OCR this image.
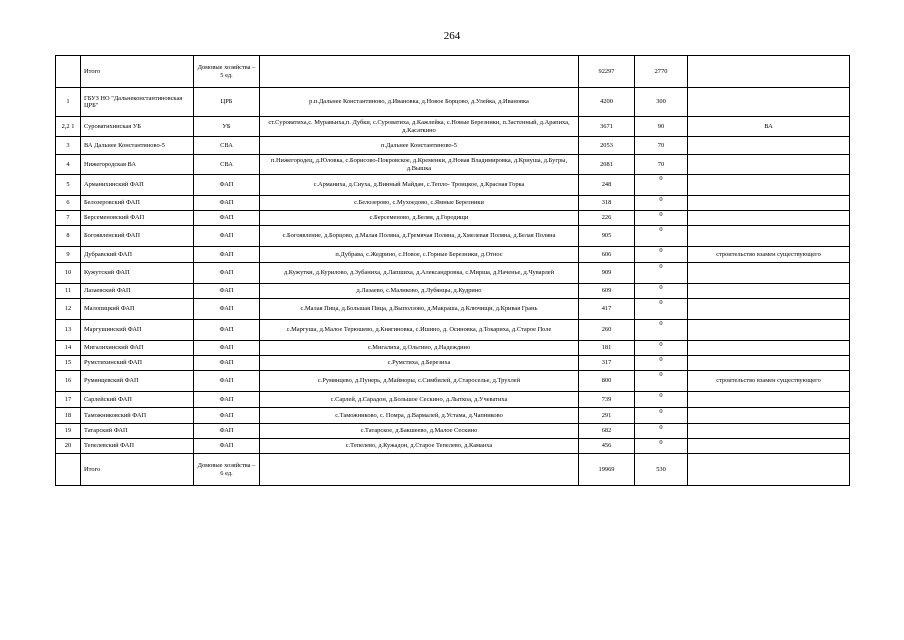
264
	Итого	Домовые хозяйства – 5 ед.		92297	2770	
1	ГБУЗ НО "Дальнеконстантиновская ЦРБ"	ЦРБ	р.п.Дальнее Константиново, д.Ивановка, д.Новое Борцово, д.Улейка, д.Ивановка	4200	300	
2,2 1	Суроватихинская УБ	УБ	ст.Суроватиха,с. Муравьиха,п. Дубки, с.Суроватиха, д.Кажлейка, с.Новые Березники, п.Застенный, д.Арапиха, д.Касаткино	3671	90	ВА
3	ВА Дальнее Константиново-5	СВА	п.Дальнее Константиново-5	2053	70	
4	Нижегородская ВА	СВА	п.Нижегородец, д.Юловка, с.Борисово-Покровское, д.Кременки, д.Новая Владимировка, д.Криуша, д.Бугры, д.Вышка	2081	70	
5	Арманихинский ФАП	ФАП	с.Арманиха, д.Сиуха, д.Винный Майдан, с.Тепло- Троицкое, д.Красная Горка	248	0	
6	Белозеровский ФАП	ФАП	с.Белозерово, с.Мухоедово, с.Ямные Березники	318	0	
7	Берсеменовский ФАП	ФАП	с.Берсеменово, д.Беляя, д.Городищи	226	0	
8	Богоявленский ФАП	ФАП	с.Богоявление, д.Борцово, д.Малая Поляна, д.Гремячая Поляна, д.Хмелевая Поляна, д.Белая Поляна	905	0	
9	Дубравский ФАП	ФАП	п.Дубрава, с.Жедрино, с.Новое, с.Горные Березники, д.Относ	606	0	строительство взамен существующего
10	Кужутский ФАП	ФАП	д.Кужутки, д.Курилово, д.Зубаниха, д.Лапшиха, д.Александровка, с.Мирша, д.Наченье, д.Чуварлей	909	0	
11	Лазаевский ФАП	ФАП	д.Лазаево, с.Маликово, д.Лубянцы, д.Кудрино	609	0	
12	Малопицкий ФАП	ФАП	с.Малая Пица, д.Большая Пица, д.Выползово, д.Макраша, д.Ключищи, д.Кривая Грань	417	0	
13	Маргушинский ФАП	ФАП	с.Маргуша, д.Малое Терюшево, д.Княгиновка, с.Ишино, д. Осиновка, д.Токариха, д.Старое Поле	260	0	
14	Мигалихинский ФАП	ФАП	с.Мигалиха, д.Ольгино, д.Надеждино	181	0	
15	Румстихинский ФАП	ФАП	с.Румстиха, д.Березиха	317	0	
16	Румянцевский ФАП	ФАП	с.Румянцево, д.Пунерь, д.Майморы, с.Симбилей, д.Староселье, д.Трухлей	800	0	строительство взамен существующего
17	Сарлейский ФАП	ФАП	с.Сарлей, д.Сарадон, д.Большое Сескино, д.Лыткоа, д.Учеватиха	739	0	
18	Таможниковский ФАП	ФАП	с.Таможниково, с. Помра, д.Вармалей, д.Устама, д.Чапниково	291	0	
19	Татарский ФАП	ФАП	с.Татарское, д.Бакшеево, д.Малое Сескино	682	0	
20	Тепелевский ФАП	ФАП	с.Тепелево, д.Кужадон, д.Старое Тепелево, д.Каманха	456	0	
	Итого	Домовые хозяйства – 6 ед.		19969	530	
